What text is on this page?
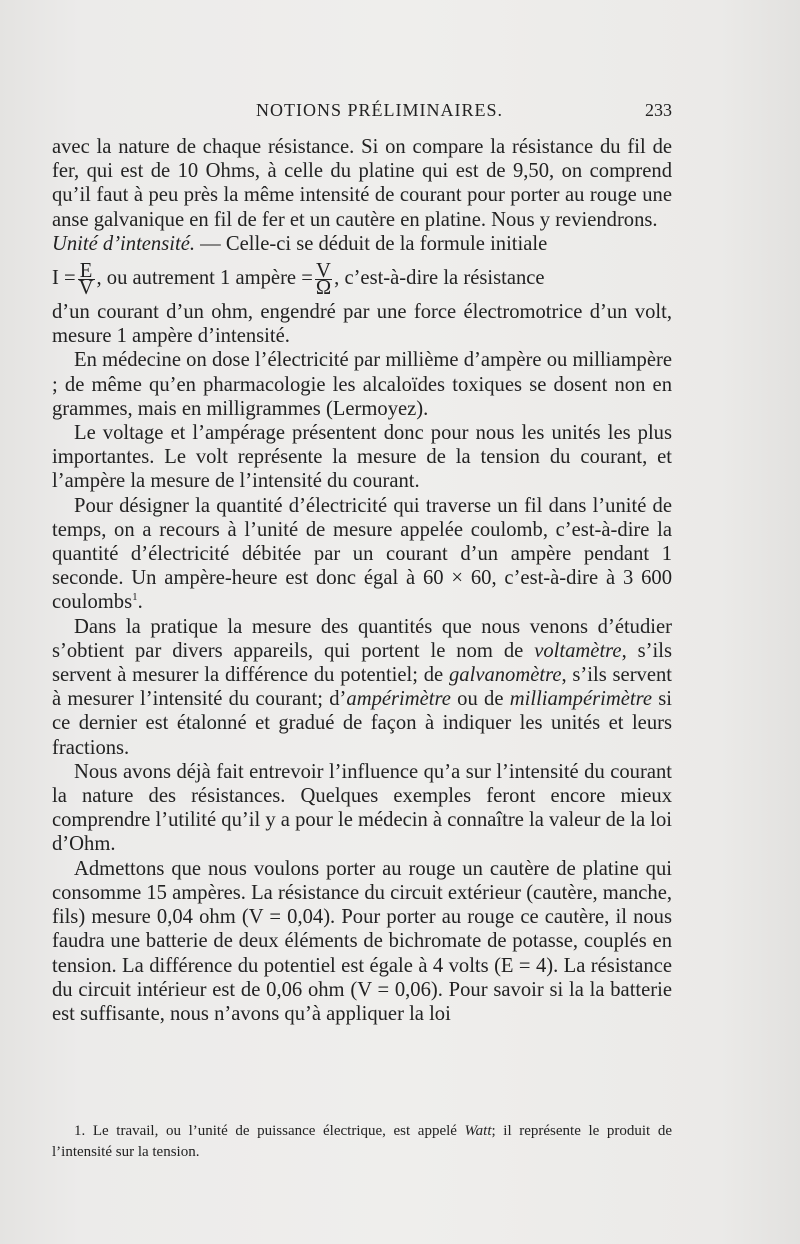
NOTIONS PRÉLIMINAIRES.	233

avec la nature de chaque résistance. Si on compare la résistance du fil de fer, qui est de 10 Ohms, à celle du platine qui est de 9,50, on comprend qu’il faut à peu près la même intensité de courant pour porter au rouge une anse galvanique en fil de fer et un cautère en platine. Nous y reviendrons.

Unité d’intensité. — Celle-ci se déduit de la formule initiale

$I = \frac{E}{V}$ , ou autrement 1 ampère = $\frac{V}{\Omega}$ , c’est-à-dire la résistance

d’un courant d’un ohm, engendré par une force électromotrice d’un volt, mesure 1 ampère d’intensité.

En médecine on dose l’électricité par millième d’ampère ou milliampère ; de même qu’en pharmacologie les alcaloïdes toxiques se dosent non en grammes, mais en milligrammes (Lermoyez).

Le voltage et l’ampérage présentent donc pour nous les unités les plus importantes. Le volt représente la mesure de la tension du courant, et l’ampère la mesure de l’intensité du courant.

Pour désigner la quantité d’électricité qui traverse un fil dans l’unité de temps, on a recours à l’unité de mesure appelée coulomb, c’est-à-dire la quantité d’électricité débitée par un courant d’un ampère pendant 1 seconde. Un ampère-heure est donc égal à 60 × 60, c’est-à-dire à 3 600 coulombs$^1$.

Dans la pratique la mesure des quantités que nous venons d’étudier s’obtient par divers appareils, qui portent le nom de voltamètre, s’ils servent à mesurer la différence du potentiel; de galvanomètre, s’ils servent à mesurer l’intensité du courant; d’ampérimètre ou de milliampérimètre si ce dernier est étalonné et gradué de façon à indiquer les unités et leurs fractions.

Nous avons déjà fait entrevoir l’influence qu’a sur l’intensité du courant la nature des résistances. Quelques exemples feront encore mieux comprendre l’utilité qu’il y a pour le médecin à connaître la valeur de la loi d’Ohm.

Admettons que nous voulons porter au rouge un cautère de platine qui consomme 15 ampères. La résistance du circuit extérieur (cautère, manche, fils) mesure 0,04 ohm (V = 0,04). Pour porter au rouge ce cautère, il nous faudra une batterie de deux éléments de bichromate de potasse, couplés en tension. La différence du potentiel est égale à 4 volts (E = 4). La résistance du circuit intérieur est de 0,06 ohm (V = 0,06). Pour savoir si la la batterie est suffisante, nous n’avons qu’à appliquer la loi

1. Le travail, ou l’unité de puissance électrique, est appelé Watt; il représente le produit de l’intensité sur la tension.
